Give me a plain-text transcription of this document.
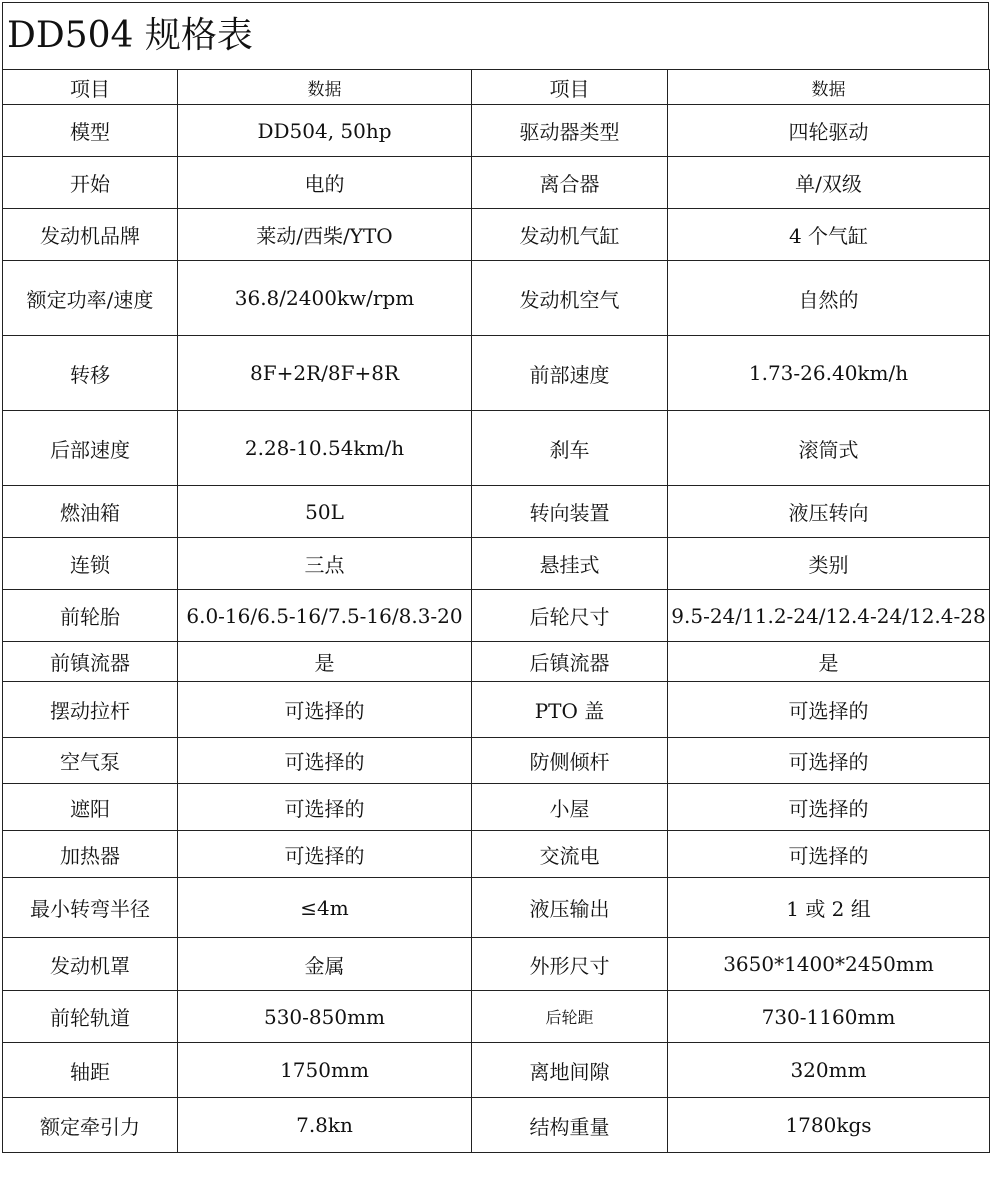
DD504 规格表
项目	数据	项目	数据
模型	DD504, 50hp	驱动器类型	四轮驱动
开始	电的	离合器	单/双级
发动机品牌	莱动/西柴/YTO	发动机气缸	4 个气缸
额定功率/速度	36.8/2400kw/rpm	发动机空气	自然的
转移	8F+2R/8F+8R	前部速度	1.73-26.40km/h
后部速度	2.28-10.54km/h	刹车	滚筒式
燃油箱	50L	转向装置	液压转向
连锁	三点	悬挂式	类别
前轮胎	6.0-16/6.5-16/7.5-16/8.3-20	后轮尺寸	9.5-24/11.2-24/12.4-24/12.4-28
前镇流器	是	后镇流器	是
摆动拉杆	可选择的	PTO 盖	可选择的
空气泵	可选择的	防侧倾杆	可选择的
遮阳	可选择的	小屋	可选择的
加热器	可选择的	交流电	可选择的
最小转弯半径	≤4m	液压输出	1 或 2 组
发动机罩	金属	外形尺寸	3650*1400*2450mm
前轮轨道	530-850mm	后轮距	730-1160mm
轴距	1750mm	离地间隙	320mm
额定牵引力	7.8kn	结构重量	1780kgs
